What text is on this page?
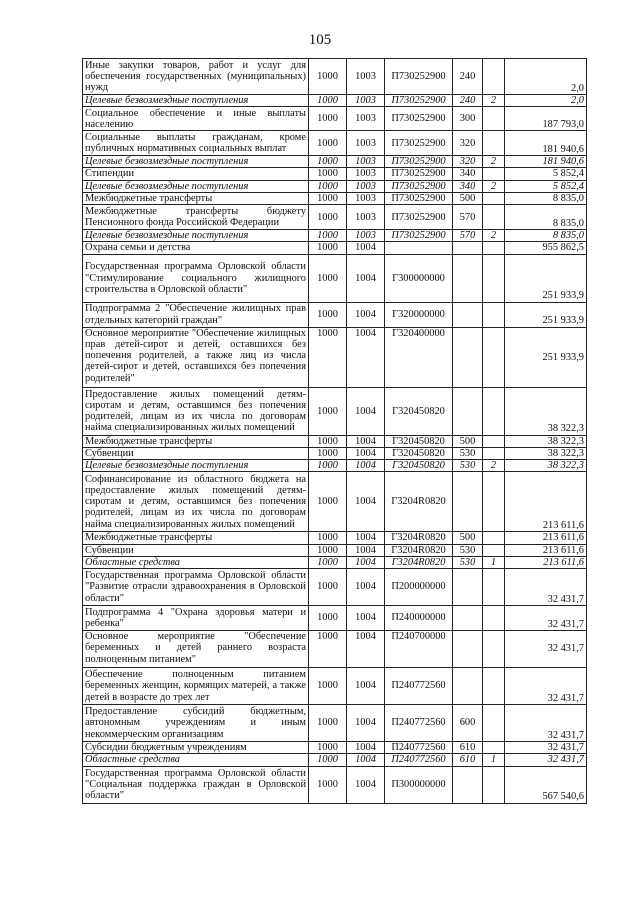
105
Иные закупки товаров, работ и услуг для обеспечения государственных (муниципальных) нужд	1000	1003	П730252900	240		2,0
Целевые безвозмездные поступления	1000	1003	П730252900	240	2	2,0
Социальное обеспечение и иные выплаты населению	1000	1003	П730252900	300		187 793,0
Социальные выплаты гражданам, кроме публичных нормативных социальных выплат	1000	1003	П730252900	320		181 940,6
Целевые безвозмездные поступления	1000	1003	П730252900	320	2	181 940,6
Стипендии	1000	1003	П730252900	340		5 852,4
Целевые безвозмездные поступления	1000	1003	П730252900	340	2	5 852,4
Межбюджетные трансферты	1000	1003	П730252900	500		8 835,0
Межбюджетные трансферты бюджету Пенсионного фонда Российской Федерации	1000	1003	П730252900	570		8 835,0
Целевые безвозмездные поступления	1000	1003	П730252900	570	2	8 835,0
Охрана семьи и детства	1000	1004				955 862,5
Государственная программа Орловской области "Стимулирование социального жилищного строительства в Орловской области"	1000	1004	Г300000000			251 933,9
Подпрограмма 2 "Обеспечение жилищных прав отдельных категорий граждан"	1000	1004	Г320000000			251 933,9
Основное мероприятие "Обеспечение жилищных прав детей-сирот и детей, оставшихся без попечения родителей, а также лиц из числа детей-сирот и детей, оставшихся без попечения родителей"	1000	1004	Г320400000			251 933,9
Предоставление жилых помещений детям-сиротам и детям, оставшимся без попечения родителей, лицам из их числа по договорам найма специализированных жилых помещений	1000	1004	Г320450820			38 322,3
Межбюджетные трансферты	1000	1004	Г320450820	500		38 322,3
Субвенции	1000	1004	Г320450820	530		38 322,3
Целевые безвозмездные поступления	1000	1004	Г320450820	530	2	38 322,3
Софинансирование из областного бюджета на предоставление жилых помещений детям-сиротам и детям, оставшимся без попечения родителей, лицам из их числа по договорам найма специализированных жилых помещений	1000	1004	Г3204R0820			213 611,6
Межбюджетные трансферты	1000	1004	Г3204R0820	500		213 611,6
Субвенции	1000	1004	Г3204R0820	530		213 611,6
Областные средства	1000	1004	Г3204R0820	530	1	213 611,6
Государственная программа Орловской области "Развитие отрасли здравоохранения в Орловской области"	1000	1004	П200000000			32 431,7
Подпрограмма 4 "Охрана здоровья матери и ребенка"	1000	1004	П240000000			32 431,7
Основное мероприятие "Обеспечение беременных и детей раннего возраста полноценным питанием"	1000	1004	П240700000			32 431,7
Обеспечение полноценным питанием беременных женщин, кормящих матерей, а также детей в возрасте до трех лет	1000	1004	П240772560			32 431,7
Предоставление субсидий бюджетным, автономным учреждениям и иным некоммерческим организациям	1000	1004	П240772560	600		32 431,7
Субсидии бюджетным учреждениям	1000	1004	П240772560	610		32 431,7
Областные средства	1000	1004	П240772560	610	1	32 431,7
Государственная программа Орловской области "Социальная поддержка граждан в Орловской области"	1000	1004	П300000000			567 540,6
